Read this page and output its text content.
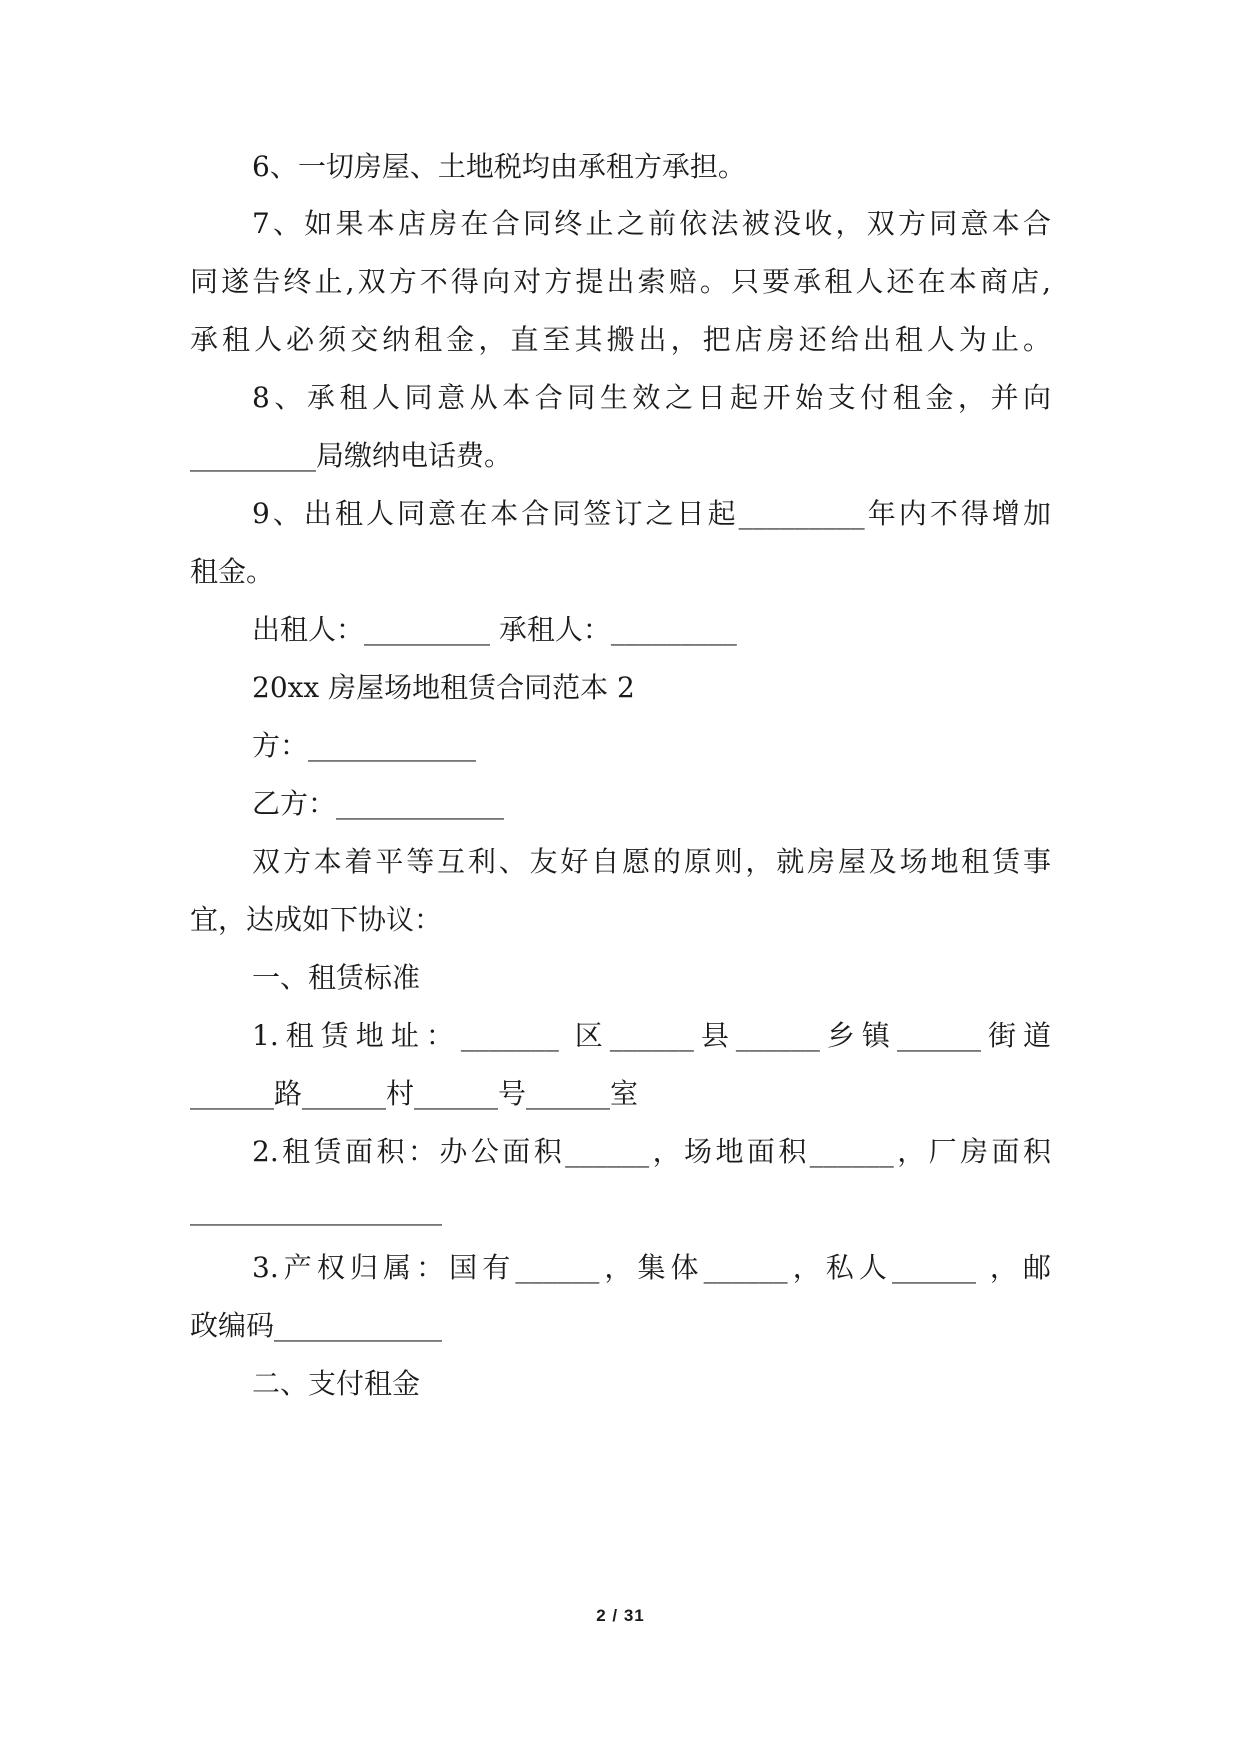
6、一切房屋、土地税均由承租方承担。
7、如果本店房在合同终止之前依法被没收，双方同意本合
同遂告终止,双方不得向对方提出索赔。只要承租人还在本商店,
承租人必须交纳租金，直至其搬出，把店房还给出租人为止。
8、承租人同意从本合同生效之日起开始支付租金，并向
_________局缴纳电话费。
9、出租人同意在本合同签订之日起_________年内不得增加
租金。
出租人：_________ 承租人：_________
20xx 房屋场地租赁合同范本 2
方：____________
乙方：____________
双方本着平等互利、友好自愿的原则，就房屋及场地租赁事
宜，达成如下协议：
一、租赁标准
1.租赁地址：_______ 区______县______乡镇______街道
______路______村______号______室
2.租赁面积：办公面积______，场地面积______，厂房面积
__________________
3.产权归属：国有______，集体______，私人______ ，邮
政编码____________
二、支付租金
2 / 31
